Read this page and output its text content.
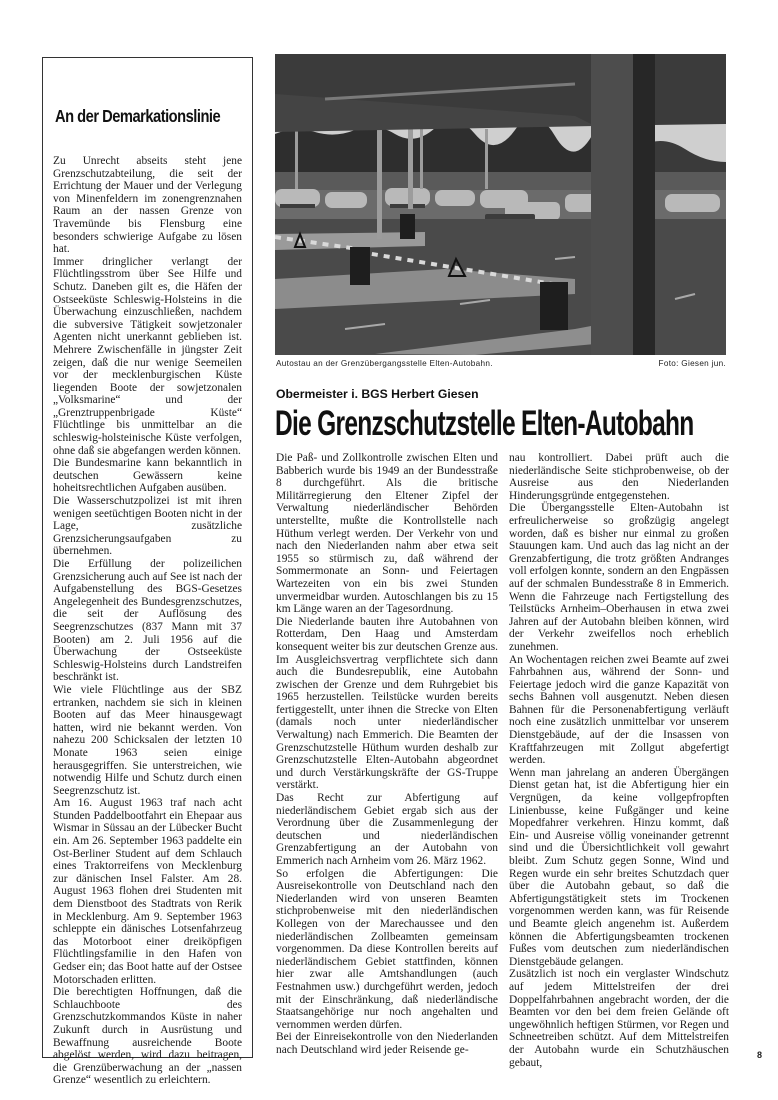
An der Demarkationslinie

Zu Unrecht abseits steht jene Grenzschutzabteilung, die seit der Errichtung der Mauer und der Verlegung von Minenfeldern im zonengrenznahen Raum an der nassen Grenze von Travemünde bis Flensburg eine besonders schwierige Aufgabe zu lösen hat.

Immer dringlicher verlangt der Flüchtlingsstrom über See Hilfe und Schutz. Daneben gilt es, die Häfen der Ostseeküste Schleswig-Holsteins in die Überwachung einzuschließen, nachdem die subversive Tätigkeit sowjetzonaler Agenten nicht unerkannt geblieben ist. Mehrere Zwischenfälle in jüngster Zeit zeigen, daß die nur wenige Seemeilen vor der mecklenburgischen Küste liegenden Boote der sowjetzonalen „Volksmarine“ und der „Grenztruppenbrigade Küste“ Flüchtlinge bis unmittelbar an die schleswig-holsteinische Küste verfolgen, ohne daß sie abgefangen werden können.

Die Bundesmarine kann bekanntlich in deutschen Gewässern keine hoheitsrechtlichen Aufgaben ausüben.

Die Wasserschutzpolizei ist mit ihren wenigen seetüchtigen Booten nicht in der Lage, zusätzliche Grenzsicherungsaufgaben zu übernehmen.

Die Erfüllung der polizeilichen Grenzsicherung auch auf See ist nach der Aufgabenstellung des BGS-Gesetzes Angelegenheit des Bundesgrenzschutzes, die seit der Auflösung des Seegrenzschutzes (837 Mann mit 37 Booten) am 2. Juli 1956 auf die Überwachung der Ostseeküste Schleswig-Holsteins durch Landstreifen beschränkt ist.

Wie viele Flüchtlinge aus der SBZ ertranken, nachdem sie sich in kleinen Booten auf das Meer hinausgewagt hatten, wird nie bekannt werden. Von nahezu 200 Schicksalen der letzten 10 Monate 1963 seien einige herausgegriffen. Sie unterstreichen, wie notwendig Hilfe und Schutz durch einen Seegrenzschutz ist.

Am 16. August 1963 traf nach acht Stunden Paddelbootfahrt ein Ehepaar aus Wismar in Süssau an der Lübecker Bucht ein. Am 26. September 1963 paddelte ein Ost-Berliner Student auf dem Schlauch eines Traktorreifens von Mecklenburg zur dänischen Insel Falster. Am 28. August 1963 flohen drei Studenten mit dem Dienstboot des Stadtrats von Rerik in Mecklenburg. Am 9. September 1963 schleppte ein dänisches Lotsenfahrzeug das Motorboot einer dreiköpfigen Flüchtlingsfamilie in den Hafen von Gedser ein; das Boot hatte auf der Ostsee Motorschaden erlitten.

Die berechtigten Hoffnungen, daß die Schlauchboote des Grenzschutzkommandos Küste in naher Zukunft durch in Ausrüstung und Bewaffnung ausreichende Boote abgelöst werden, wird dazu beitragen, die Grenzüberwachung an der „nassen Grenze“ wesentlich zu erleichtern.

Autostau an der Grenzübergangsstelle Elten-Autobahn.	Foto: Giesen jun.
Obermeister i. BGS Herbert Giesen
Die Grenzschutzstelle Elten-Autobahn

Die Paß- und Zollkontrolle zwischen Elten und Babberich wurde bis 1949 an der Bundesstraße 8 durchgeführt. Als die britische Militärregierung den Eltener Zipfel der Verwaltung niederländischer Behörden unterstellte, mußte die Kontrollstelle nach Hüthum verlegt werden. Der Verkehr von und nach den Niederlanden nahm aber etwa seit 1955 so stürmisch zu, daß während der Sommermonate an Sonn- und Feiertagen Wartezeiten von ein bis zwei Stunden unvermeidbar wurden. Autoschlangen bis zu 15 km Länge waren an der Tagesordnung.

Die Niederlande bauten ihre Autobahnen von Rotterdam, Den Haag und Amsterdam konsequent weiter bis zur deutschen Grenze aus. Im Ausgleichsvertrag verpflichtete sich dann auch die Bundesrepublik, eine Autobahn zwischen der Grenze und dem Ruhrgebiet bis 1965 herzustellen. Teilstücke wurden bereits fertiggestellt, unter ihnen die Strecke von Elten (damals noch unter niederländischer Verwaltung) nach Emmerich. Die Beamten der Grenzschutzstelle Hüthum wurden deshalb zur Grenzschutzstelle Elten-Autobahn abgeordnet und durch Verstärkungskräfte der GS-Truppe verstärkt.

Das Recht zur Abfertigung auf niederländischem Gebiet ergab sich aus der Verordnung über die Zusammenlegung der deutschen und niederländischen Grenzabfertigung an der Autobahn von Emmerich nach Arnheim vom 26. März 1962.

So erfolgen die Abfertigungen: Die Ausreisekontrolle von Deutschland nach den Niederlanden wird von unseren Beamten stichprobenweise mit den niederländischen Kollegen von der Marechaussee und den niederländischen Zollbeamten gemeinsam vorgenommen. Da diese Kontrollen bereits auf niederländischem Gebiet stattfinden, können hier zwar alle Amtshandlungen (auch Festnahmen usw.) durchgeführt werden, jedoch mit der Einschränkung, daß niederländische Staatsangehörige nur noch angehalten und vernommen werden dürfen.

Bei der Einreisekontrolle von den Niederlanden nach Deutschland wird jeder Reisende ge-

nau kontrolliert. Dabei prüft auch die niederländische Seite stichprobenweise, ob der Ausreise aus den Niederlanden Hinderungsgründe entgegenstehen.

Die Übergangsstelle Elten-Autobahn ist erfreulicherweise so großzügig angelegt worden, daß es bisher nur einmal zu großen Stauungen kam. Und auch das lag nicht an der Grenzabfertigung, die trotz größten Andranges voll erfolgen konnte, sondern an den Engpässen auf der schmalen Bundesstraße 8 in Emmerich. Wenn die Fahrzeuge nach Fertigstellung des Teilstücks Arnheim–Oberhausen in etwa zwei Jahren auf der Autobahn bleiben können, wird der Verkehr zweifellos noch erheblich zunehmen.

An Wochentagen reichen zwei Beamte auf zwei Fahrbahnen aus, während der Sonn- und Feiertage jedoch wird die ganze Kapazität von sechs Bahnen voll ausgenutzt. Neben diesen Bahnen für die Personenabfertigung verläuft noch eine zusätzlich unmittelbar vor unserem Dienstgebäude, auf der die Insassen von Kraftfahrzeugen mit Zollgut abgefertigt werden.

Wenn man jahrelang an anderen Übergängen Dienst getan hat, ist die Abfertigung hier ein Vergnügen, da keine vollgepfropften Linienbusse, keine Fußgänger und keine Mopedfahrer verkehren. Hinzu kommt, daß Ein- und Ausreise völlig voneinander getrennt sind und die Übersichtlichkeit voll gewahrt bleibt. Zum Schutz gegen Sonne, Wind und Regen wurde ein sehr breites Schutzdach quer über die Autobahn gebaut, so daß die Abfertigungstätigkeit stets im Trockenen vorgenommen werden kann, was für Reisende und Beamte gleich angenehm ist. Außerdem können die Abfertigungsbeamten trockenen Fußes vom deutschen zum niederländischen Dienstgebäude gelangen.

Zusätzlich ist noch ein verglaster Windschutz auf jedem Mittelstreifen der drei Doppelfahrbahnen angebracht worden, der die Beamten vor den bei dem freien Gelände oft ungewöhnlich heftigen Stürmen, vor Regen und Schneetreiben schützt. Auf dem Mittelstreifen der Autobahn wurde ein Schutzhäuschen gebaut,

8
